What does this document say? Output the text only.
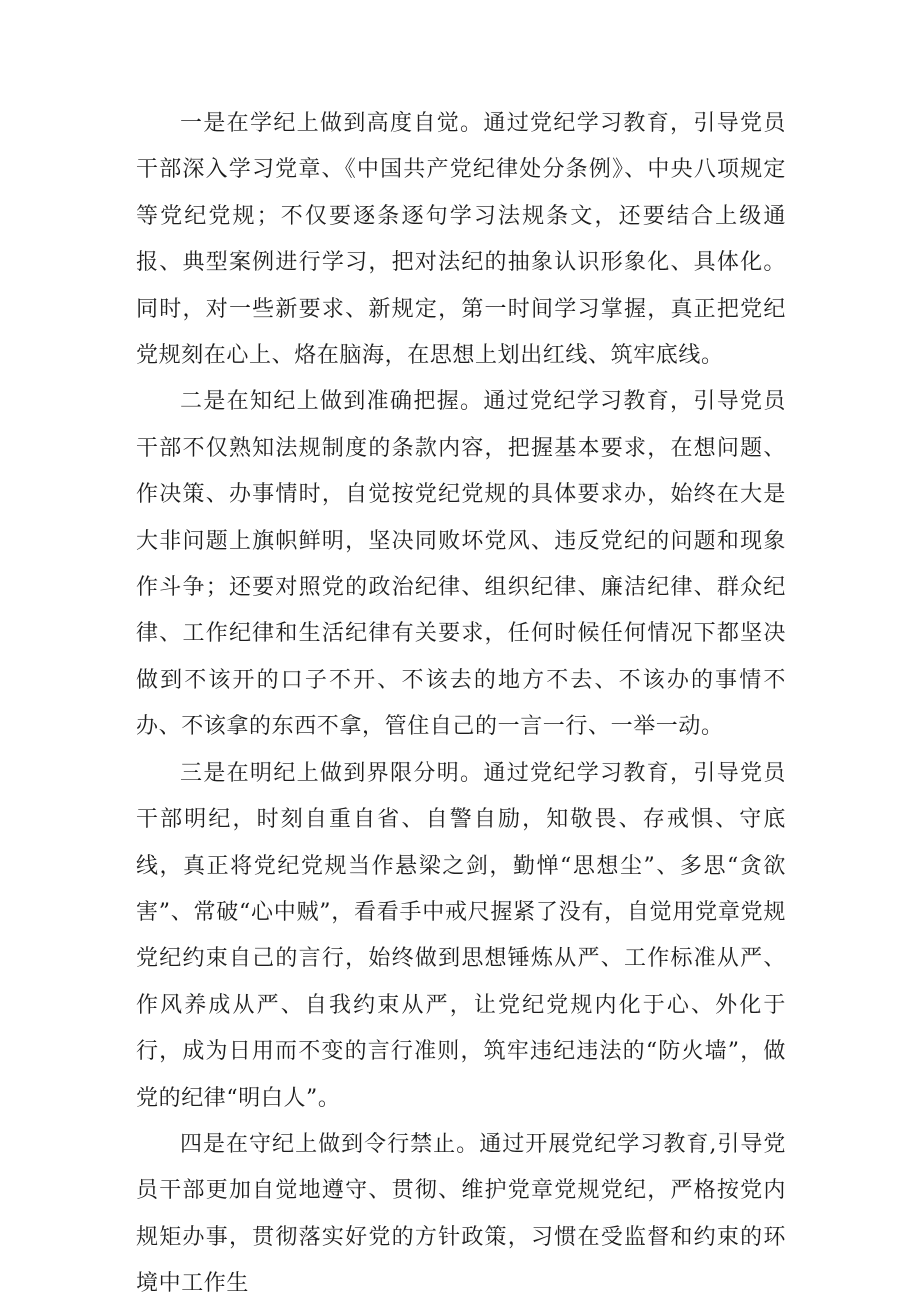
一是在学纪上做到高度自觉。通过党纪学习教育，引导党员干部深入学习党章、《中国共产党纪律处分条例》、中央八项规定等党纪党规；不仅要逐条逐句学习法规条文，还要结合上级通报、典型案例进行学习，把对法纪的抽象认识形象化、具体化。同时，对一些新要求、新规定，第一时间学习掌握，真正把党纪党规刻在心上、烙在脑海，在思想上划出红线、筑牢底线。

二是在知纪上做到准确把握。通过党纪学习教育，引导党员干部不仅熟知法规制度的条款内容，把握基本要求，在想问题、作决策、办事情时，自觉按党纪党规的具体要求办，始终在大是大非问题上旗帜鲜明，坚决同败坏党风、违反党纪的问题和现象作斗争；还要对照党的政治纪律、组织纪律、廉洁纪律、群众纪律、工作纪律和生活纪律有关要求，任何时候任何情况下都坚决做到不该开的口子不开、不该去的地方不去、不该办的事情不办、不该拿的东西不拿，管住自己的一言一行、一举一动。

三是在明纪上做到界限分明。通过党纪学习教育，引导党员干部明纪，时刻自重自省、自警自励，知敬畏、存戒惧、守底线，真正将党纪党规当作悬梁之剑，勤惮“思想尘”、多思“贪欲害”、常破“心中贼”，看看手中戒尺握紧了没有，自觉用党章党规党纪约束自己的言行，始终做到思想锤炼从严、工作标准从严、作风养成从严、自我约束从严，让党纪党规内化于心、外化于行，成为日用而不变的言行准则，筑牢违纪违法的“防火墙”，做党的纪律“明白人”。

四是在守纪上做到令行禁止。通过开展党纪学习教育,引导党员干部更加自觉地遵守、贯彻、维护党章党规党纪，严格按党内规矩办事，贯彻落实好党的方针政策，习惯在受监督和约束的环境中工作生
